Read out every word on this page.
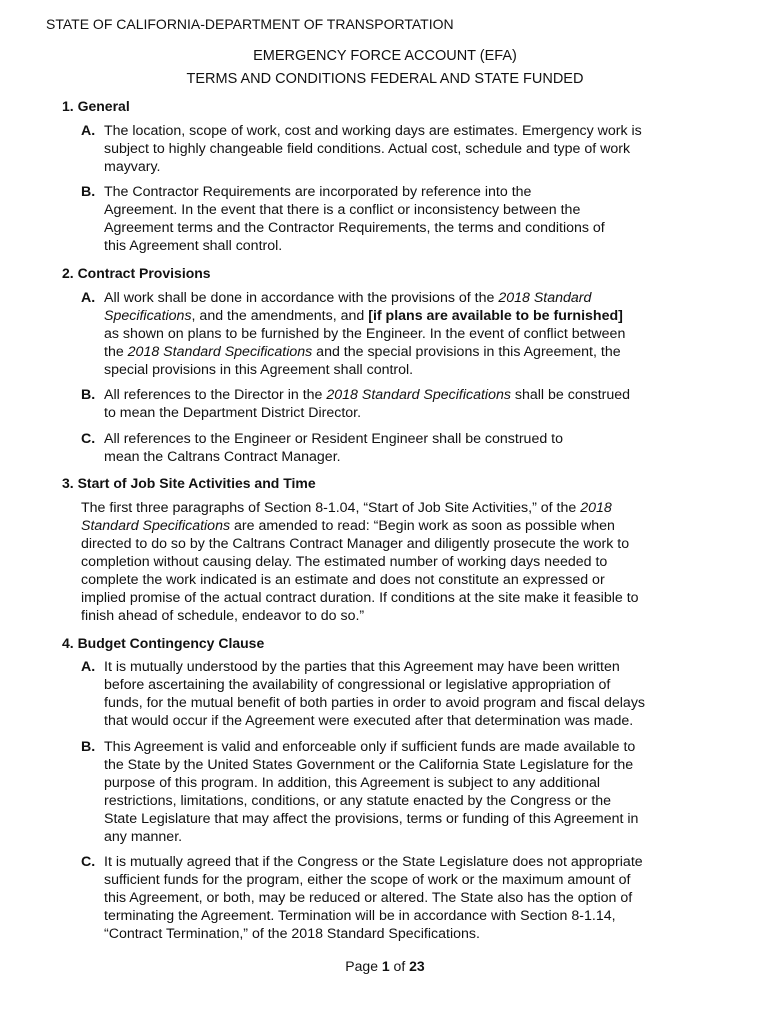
STATE OF CALIFORNIA-DEPARTMENT OF TRANSPORTATION
EMERGENCY FORCE ACCOUNT (EFA)
TERMS AND CONDITIONS FEDERAL AND STATE FUNDED
1. General
A. The location, scope of work, cost and working days are estimates. Emergency work is
subject to highly changeable field conditions. Actual cost, schedule and type of work
mayvary.
B. The Contractor Requirements are incorporated by reference into the
Agreement. In the event that there is a conflict or inconsistency between the
Agreement terms and the Contractor Requirements, the terms and conditions of
this Agreement shall control.
2. Contract Provisions
A. All work shall be done in accordance with the provisions of the 2018 Standard
Specifications, and the amendments, and [if plans are available to be furnished]
as shown on plans to be furnished by the Engineer. In the event of conflict between
the 2018 Standard Specifications and the special provisions in this Agreement, the
special provisions in this Agreement shall control.
B. All references to the Director in the 2018 Standard Specifications shall be construed
to mean the Department District Director.
C. All references to the Engineer or Resident Engineer shall be construed to
mean the Caltrans Contract Manager.
3. Start of Job Site Activities and Time
The first three paragraphs of Section 8-1.04, “Start of Job Site Activities,” of the 2018
Standard Specifications are amended to read: “Begin work as soon as possible when
directed to do so by the Caltrans Contract Manager and diligently prosecute the work to
completion without causing delay. The estimated number of working days needed to
complete the work indicated is an estimate and does not constitute an expressed or
implied promise of the actual contract duration. If conditions at the site make it feasible to
finish ahead of schedule, endeavor to do so.”
4. Budget Contingency Clause
A. It is mutually understood by the parties that this Agreement may have been written
before ascertaining the availability of congressional or legislative appropriation of
funds, for the mutual benefit of both parties in order to avoid program and fiscal delays
that would occur if the Agreement were executed after that determination was made.
B. This Agreement is valid and enforceable only if sufficient funds are made available to
the State by the United States Government or the California State Legislature for the
purpose of this program. In addition, this Agreement is subject to any additional
restrictions, limitations, conditions, or any statute enacted by the Congress or the
State Legislature that may affect the provisions, terms or funding of this Agreement in
any manner.
C. It is mutually agreed that if the Congress or the State Legislature does not appropriate
sufficient funds for the program, either the scope of work or the maximum amount of
this Agreement, or both, may be reduced or altered. The State also has the option of
terminating the Agreement. Termination will be in accordance with Section 8-1.14,
“Contract Termination,” of the 2018 Standard Specifications.
Page 1 of 23
